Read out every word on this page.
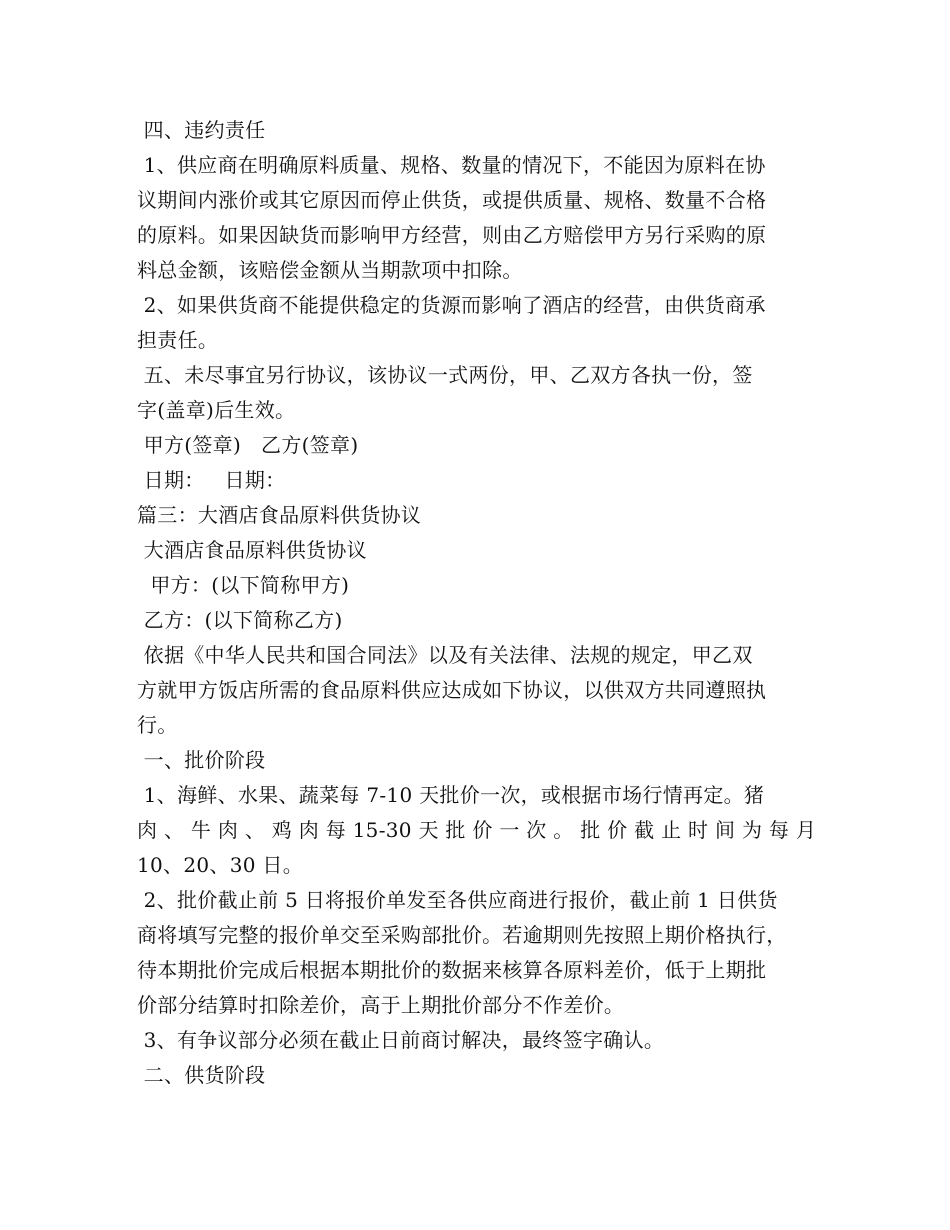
四、违约责任
1、供应商在明确原料质量、规格、数量的情况下，不能因为原料在协
议期间内涨价或其它原因而停止供货，或提供质量、规格、数量不合格
的原料。如果因缺货而影响甲方经营，则由乙方赔偿甲方另行采购的原
料总金额，该赔偿金额从当期款项中扣除。
2、如果供货商不能提供稳定的货源而影响了酒店的经营，由供货商承
担责任。
五、未尽事宜另行协议，该协议一式两份，甲、乙双方各执一份，签
字(盖章)后生效。
甲方(签章)   乙方(签章)
日期：   日期：
篇三：大酒店食品原料供货协议
大酒店食品原料供货协议
甲方：(以下简称甲方)
乙方：(以下简称乙方)
依据《中华人民共和国合同法》以及有关法律、法规的规定，甲乙双
方就甲方饭店所需的食品原料供应达成如下协议，以供双方共同遵照执
行。
一、批价阶段
1、海鲜、水果、蔬菜每 7-10 天批价一次，或根据市场行情再定。猪
肉 、 牛 肉 、 鸡 肉 每 15-30 天 批 价 一 次 。 批 价 截 止 时 间 为 每 月
10、20、30 日。
2、批价截止前 5 日将报价单发至各供应商进行报价，截止前 1 日供货
商将填写完整的报价单交至采购部批价。若逾期则先按照上期价格执行，
待本期批价完成后根据本期批价的数据来核算各原料差价，低于上期批
价部分结算时扣除差价，高于上期批价部分不作差价。
3、有争议部分必须在截止日前商讨解决，最终签字确认。
二、供货阶段
